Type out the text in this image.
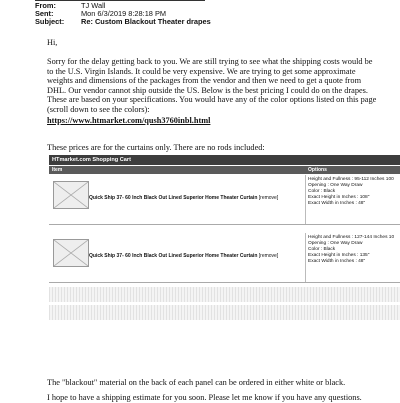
From:	TJ Wall
Sent:	Mon 6/3/2019 8:28:18 PM
Subject: Re: Custom Blackout Theater drapes

Hi,

Sorry for the delay getting back to you. We are still trying to see what the shipping costs would be to the U.S. Virgin Islands. It could be very expensive. We are trying to get some approximate weights and dimensions of the packages from the vendor and then we need to get a quote from DHL. Our vendor cannot ship outside the US. Below is the best pricing I could do on the drapes. These are based on your specifications. You would have any of the color options listed on this page (scroll down to see the colors):

https://www.htmarket.com/qush3760inbl.html

These prices are for the curtains only. There are no rods included:

HTmarket.com Shopping Cart
Item	Options
Quick Ship 37- 60 Inch Black Out Lined Superior Home Theater Curtain [remove]
Height and Fullness : 95-112 Inches 100
Opening : One Way Draw
Color : Black
Exact Height in Inches : 108"
Exact Width in Inches : 48"
Quick Ship 37- 60 Inch Black Out Lined Superior Home Theater Curtain [remove]
Height and Fullness : 127-144 Inches 10
Opening : One Way Draw
Color : Black
Exact Height in Inches : 135"
Exact Width in Inches : 48"

The "blackout" material on the back of each panel can be ordered in either white or black.

I hope to have a shipping estimate for you soon. Please let me know if you have any questions.
